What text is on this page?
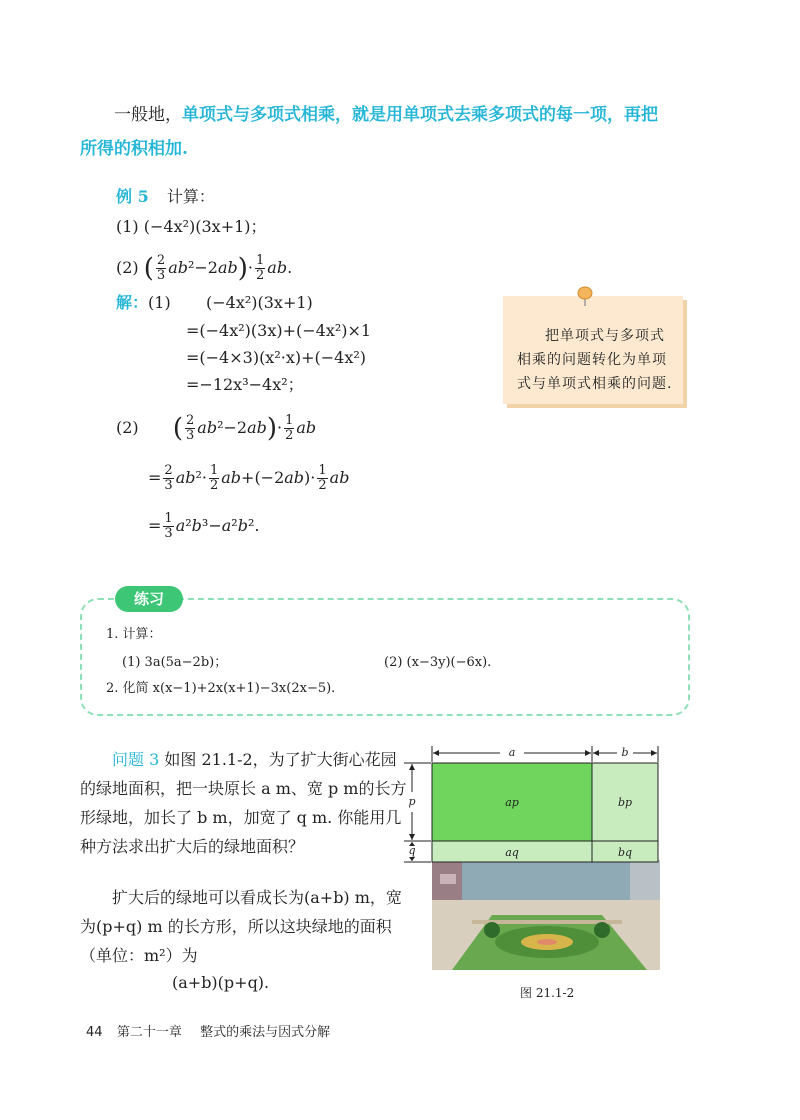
一般地，单项式与多项式相乘，就是用单项式去乘多项式的每一项，再把
所得的积相加.
例 5 计算：
(1) (−4x²)(3x+1)；
(2) ( $\frac{2}{3} ab^2-2ab)\cdot \frac{1}{2}$ ab.
解：(1) (−4x²)(3x+1)
=(−4x²)(3x)+(−4x²)×1
=(−4×3)(x²·x)+(−4x²)
=−12x³−4x²；
把单项式与多项式相乘的问题转化为单项式与单项式相乘的问题.
(2) ( $\frac{2}{3} ab^2-2ab)\cdot \frac{1}{2}$ ab
= $\frac{2}{3} ab^2\cdot \frac{1}{2} ab+(-2ab)\cdot \frac{1}{2}$ ab
= $\frac{1}{3} a^2b^3-a^2b^2$.
练习
1. 计算：
(1) 3a(5a−2b)；	(2) (x−3y)(−6x).
2. 化简 x(x−1)+2x(x+1)−3x(2x−5).
问题 3 如图 21.1-2，为了扩大街心花园的绿地面积，把一块原长 a m、宽 p m的长方形绿地，加长了 b m，加宽了 q m. 你能用几种方法求出扩大后的绿地面积？
扩大后的绿地可以看成长为(a+b) m，宽为(p+q) m 的长方形，所以这块绿地的面积（单位：m²）为
(a+b)(p+q).
a	b
p
q
ap	bp
aq	bq
图 21.1-2
44 第二十一章 整式的乘法与因式分解
